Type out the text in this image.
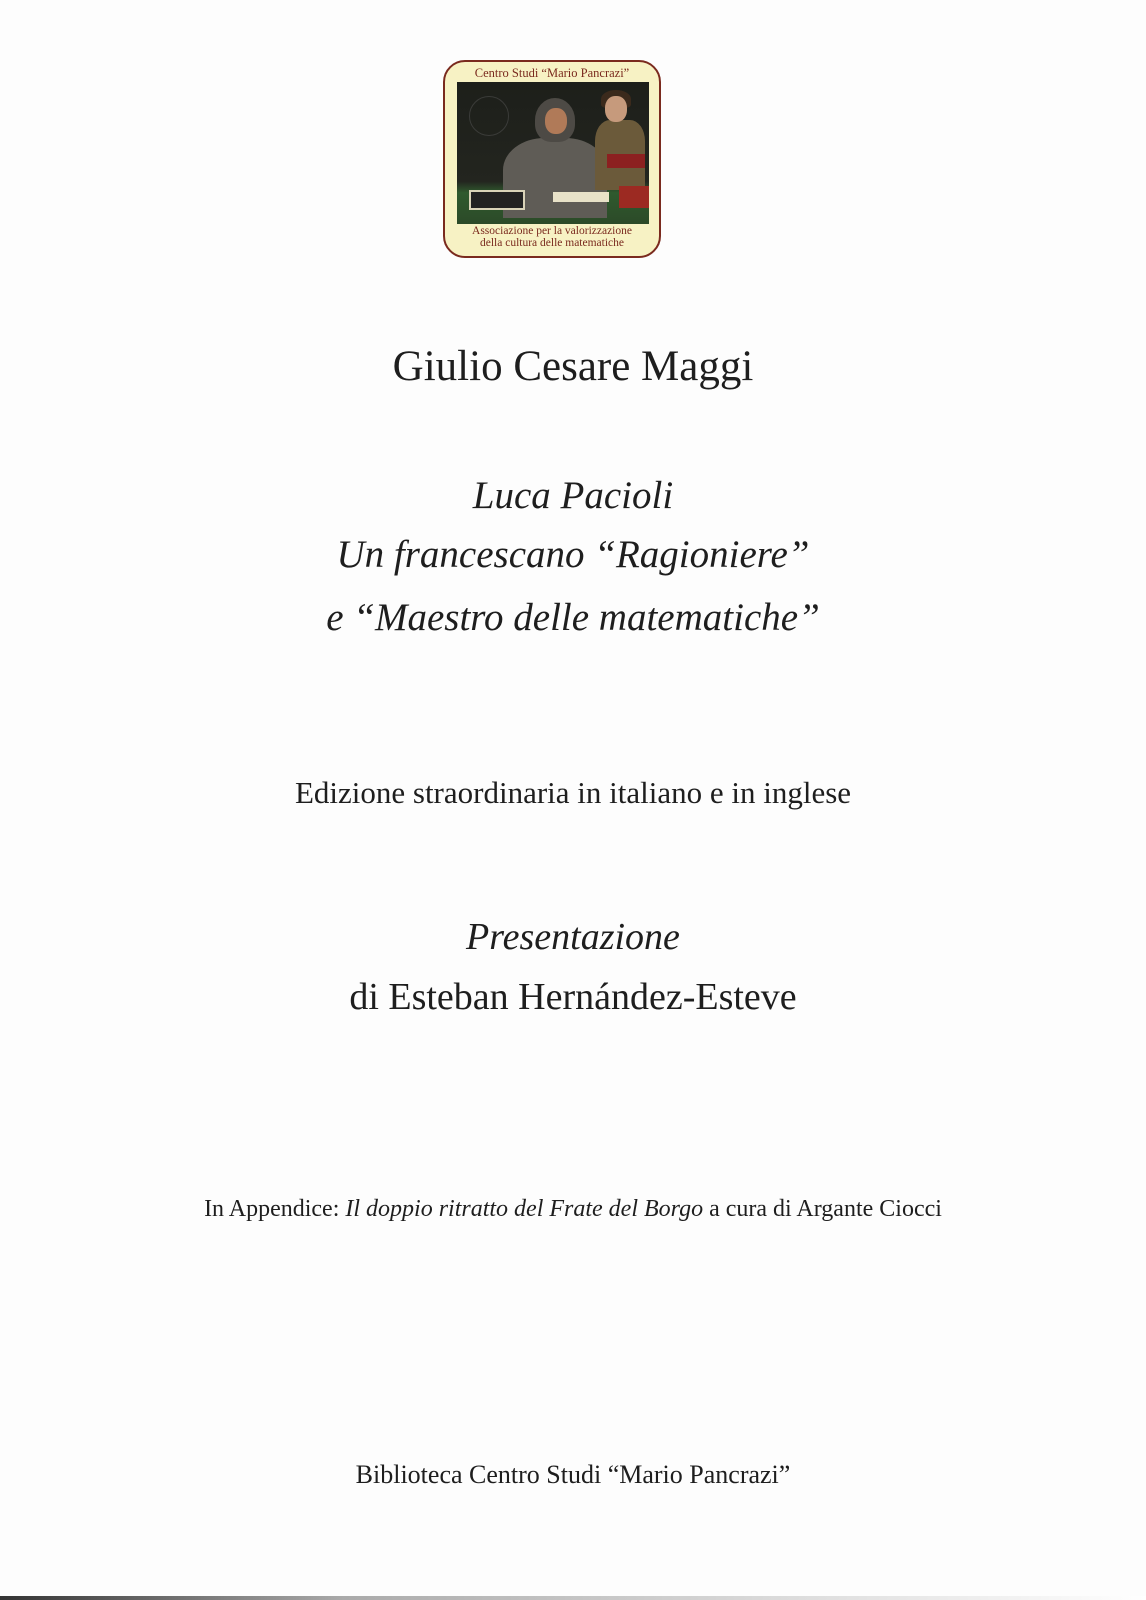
Centro Studi “Mario Pancrazi”
Associazione per la valorizzazione
della cultura delle matematiche
Giulio Cesare Maggi
Luca Pacioli
Un francescano “Ragioniere”
e “Maestro delle matematiche”
Edizione straordinaria in italiano e in inglese
Presentazione
di Esteban Hernández-Esteve
In Appendice: Il doppio ritratto del Frate del Borgo a cura di Argante Ciocci
Biblioteca Centro Studi “Mario Pancrazi”
